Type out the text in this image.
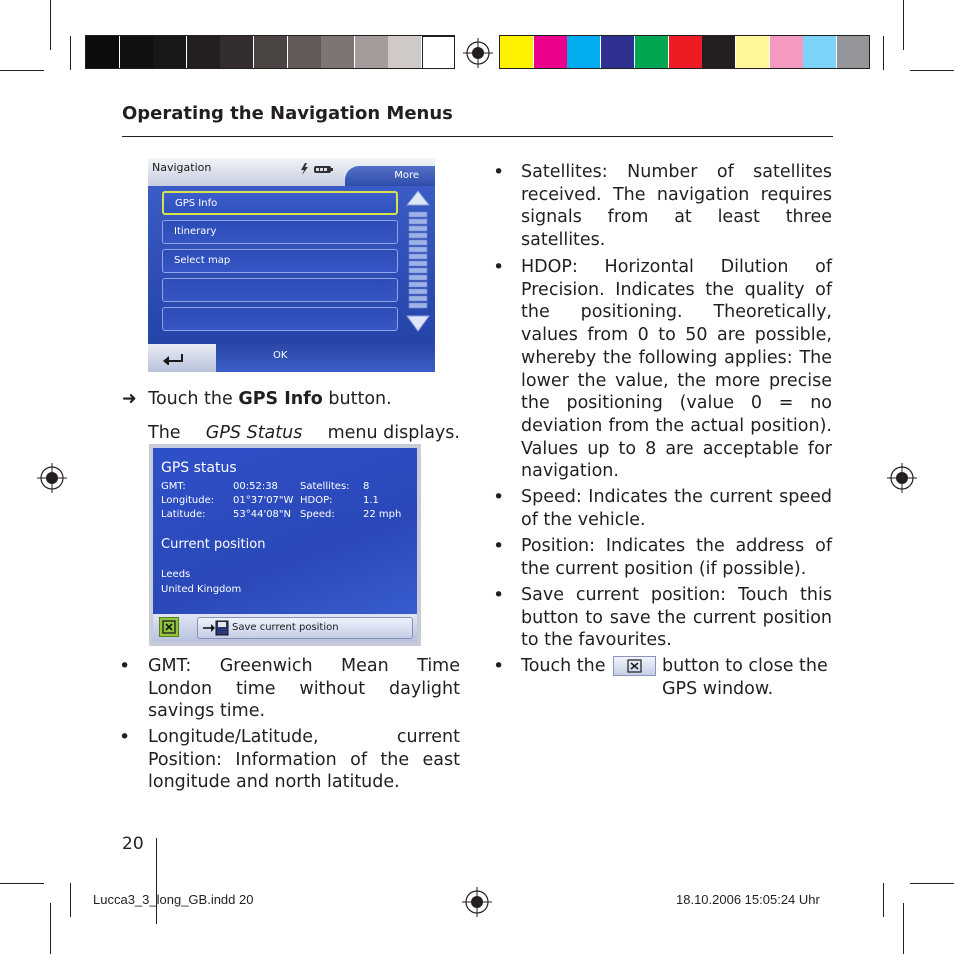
Operating the Navigation Menus
Navigation
More
GPS Info
Itinerary
Select map
OK
➜ Touch the GPS Info button.
The GPS Status menu displays.
GPS status
GMT:	00:52:38 Satellites: 8
Longitude: 01°37'07"W HDOP:	1.1
Latitude:	53°44'08"N Speed:	22 mph
Current position
Leeds
United Kingdom
Save current position
• GMT: Greenwich Mean Time London time without daylight savings time.
• Longitude/Latitude, current Position: Information of the east longitude and north latitude.
• Satellites: Number of satellites received. The navigation requires signals from at least three satellites.
• HDOP: Horizontal Dilution of Precision. Indicates the quality of the positioning. Theoretically, values from 0 to 50 are possible, whereby the following applies: The lower the value, the more precise the positioning (value 0 = no deviation from the actual position). Values up to 8 are acceptable for navigation.
• Speed: Indicates the current speed of the vehicle.
• Position: Indicates the address of the current position (if possible).
• Save current position: Touch this button to save the current position to the favourites.
• Touch the	button to close the GPS window.
20
Lucca3_3_long_GB.indd 20	18.10.2006 15:05:24 Uhr
